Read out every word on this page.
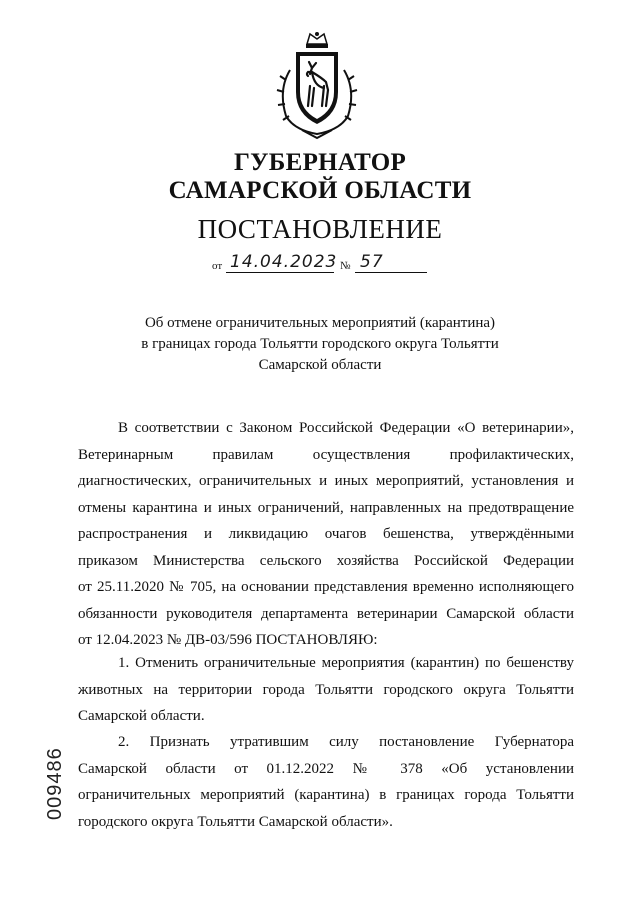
ГУБЕРНАТОР
САМАРСКОЙ ОБЛАСТИ
ПОСТАНОВЛЕНИЕ
от 14.04.2023 № 57
Об отмене ограничительных мероприятий (карантина)
в границах города Тольятти городского округа Тольятти
Самарской области
В соответствии с Законом Российской Федерации «О ветеринарии»,
Ветеринарным правилам осуществления профилактических,
диагностических, ограничительных и иных мероприятий, установления и
отмены карантина и иных ограничений, направленных на предотвращение
распространения и ликвидацию очагов бешенства, утверждёнными
приказом Министерства сельского хозяйства Российской Федерации
от 25.11.2020 № 705, на основании представления временно исполняющего
обязанности руководителя департамента ветеринарии Самарской области
от 12.04.2023 № ДВ-03/596 ПОСТАНОВЛЯЮ:
1. Отменить ограничительные мероприятия (карантин) по бешенству
животных на территории города Тольятти городского округа Тольятти
Самарской области.
2. Признать утратившим силу постановление Губернатора
Самарской области от 01.12.2022 № 378 «Об установлении
ограничительных мероприятий (карантина) в границах города Тольятти
городского округа Тольятти Самарской области».
009486
